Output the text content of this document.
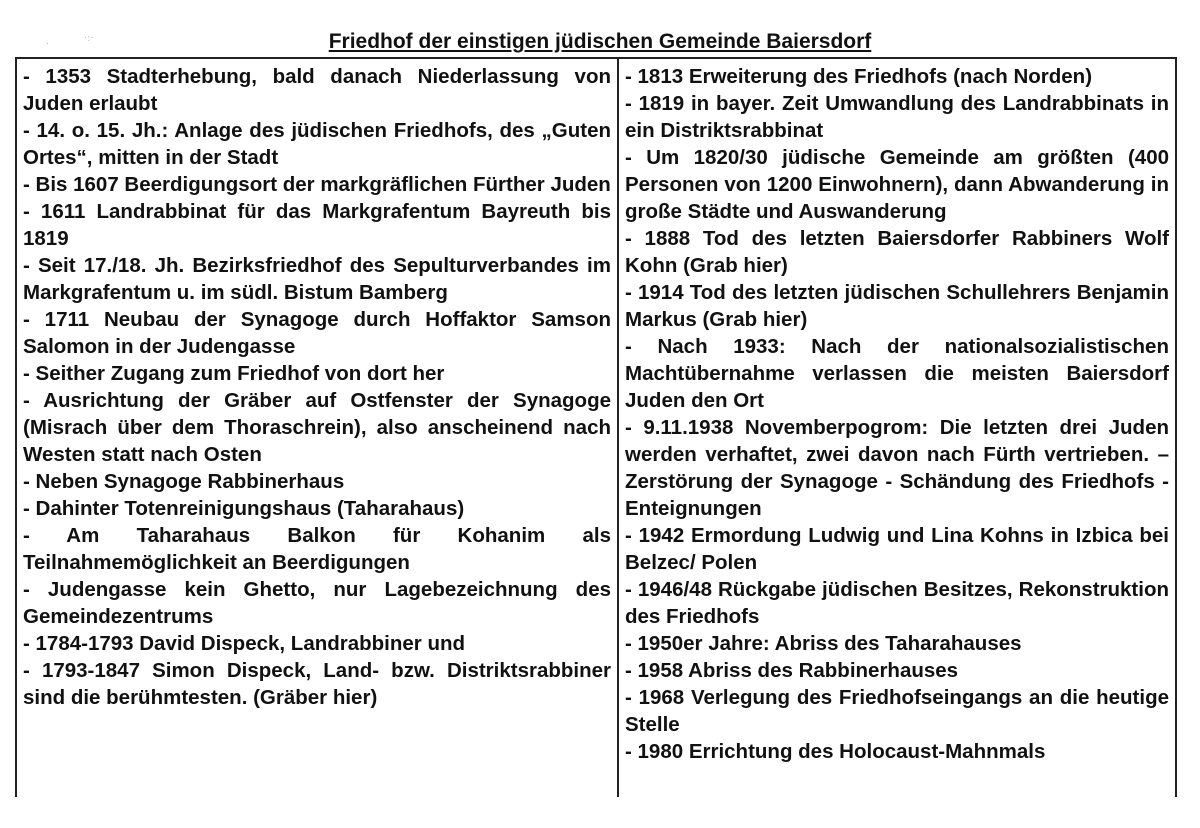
ˑ
·:·	Friedhof der einstigen jüdischen Gemeinde Baiersdorf

- 1353 Stadterhebung, bald danach Niederlassung von Juden erlaubt

- 14. o. 15. Jh.: Anlage des jüdischen Friedhofs, des „Guten Ortes“, mitten in der Stadt

- Bis 1607 Beerdigungsort der markgräflichen Fürther Juden

- 1611 Landrabbinat für das Markgrafentum Bayreuth bis 1819

- Seit 17./18. Jh. Bezirksfriedhof des Sepulturverbandes im Markgrafentum u. im südl. Bistum Bamberg

- 1711 Neubau der Synagoge durch Hoffaktor Samson Salomon in der Judengasse

- Seither Zugang zum Friedhof von dort her

- Ausrichtung der Gräber auf Ostfenster der Synagoge (Misrach über dem Thoraschrein), also anscheinend nach Westen statt nach Osten

- Neben Synagoge Rabbinerhaus

- Dahinter Totenreinigungshaus (Taharahaus)

- Am Taharahaus Balkon für Kohanim als Teilnahmemöglichkeit an Beerdigungen

- Judengasse kein Ghetto, nur Lagebezeichnung des Gemeindezentrums

- 1784-1793 David Dispeck, Landrabbiner und

- 1793-1847 Simon Dispeck, Land- bzw. Distriktsrabbiner sind die berühmtesten. (Gräber hier)

- 1813 Erweiterung des Friedhofs (nach Norden)

- 1819 in bayer. Zeit Umwandlung des Landrabbinats in ein Distriktsrabbinat

- Um 1820/30 jüdische Gemeinde am größten (400 Personen von 1200 Einwohnern), dann Abwanderung in große Städte und Auswanderung

- 1888 Tod des letzten Baiersdorfer Rabbiners Wolf Kohn (Grab hier)

- 1914 Tod des letzten jüdischen Schullehrers Benjamin Markus (Grab hier)

- Nach 1933: Nach der nationalsozialistischen Machtübernahme verlassen die meisten Baiersdorf Juden den Ort

- 9.11.1938 Novemberpogrom: Die letzten drei Juden werden verhaftet, zwei davon nach Fürth vertrieben. – Zerstörung der Synagoge - Schändung des Friedhofs - Enteignungen

- 1942 Ermordung Ludwig und Lina Kohns in Izbica bei Belzec/ Polen

- 1946/48 Rückgabe jüdischen Besitzes, Rekonstruktion des Friedhofs

- 1950er Jahre: Abriss des Taharahauses

- 1958 Abriss des Rabbinerhauses

- 1968 Verlegung des Friedhofseingangs an die heutige Stelle

- 1980 Errichtung des Holocaust-Mahnmals
